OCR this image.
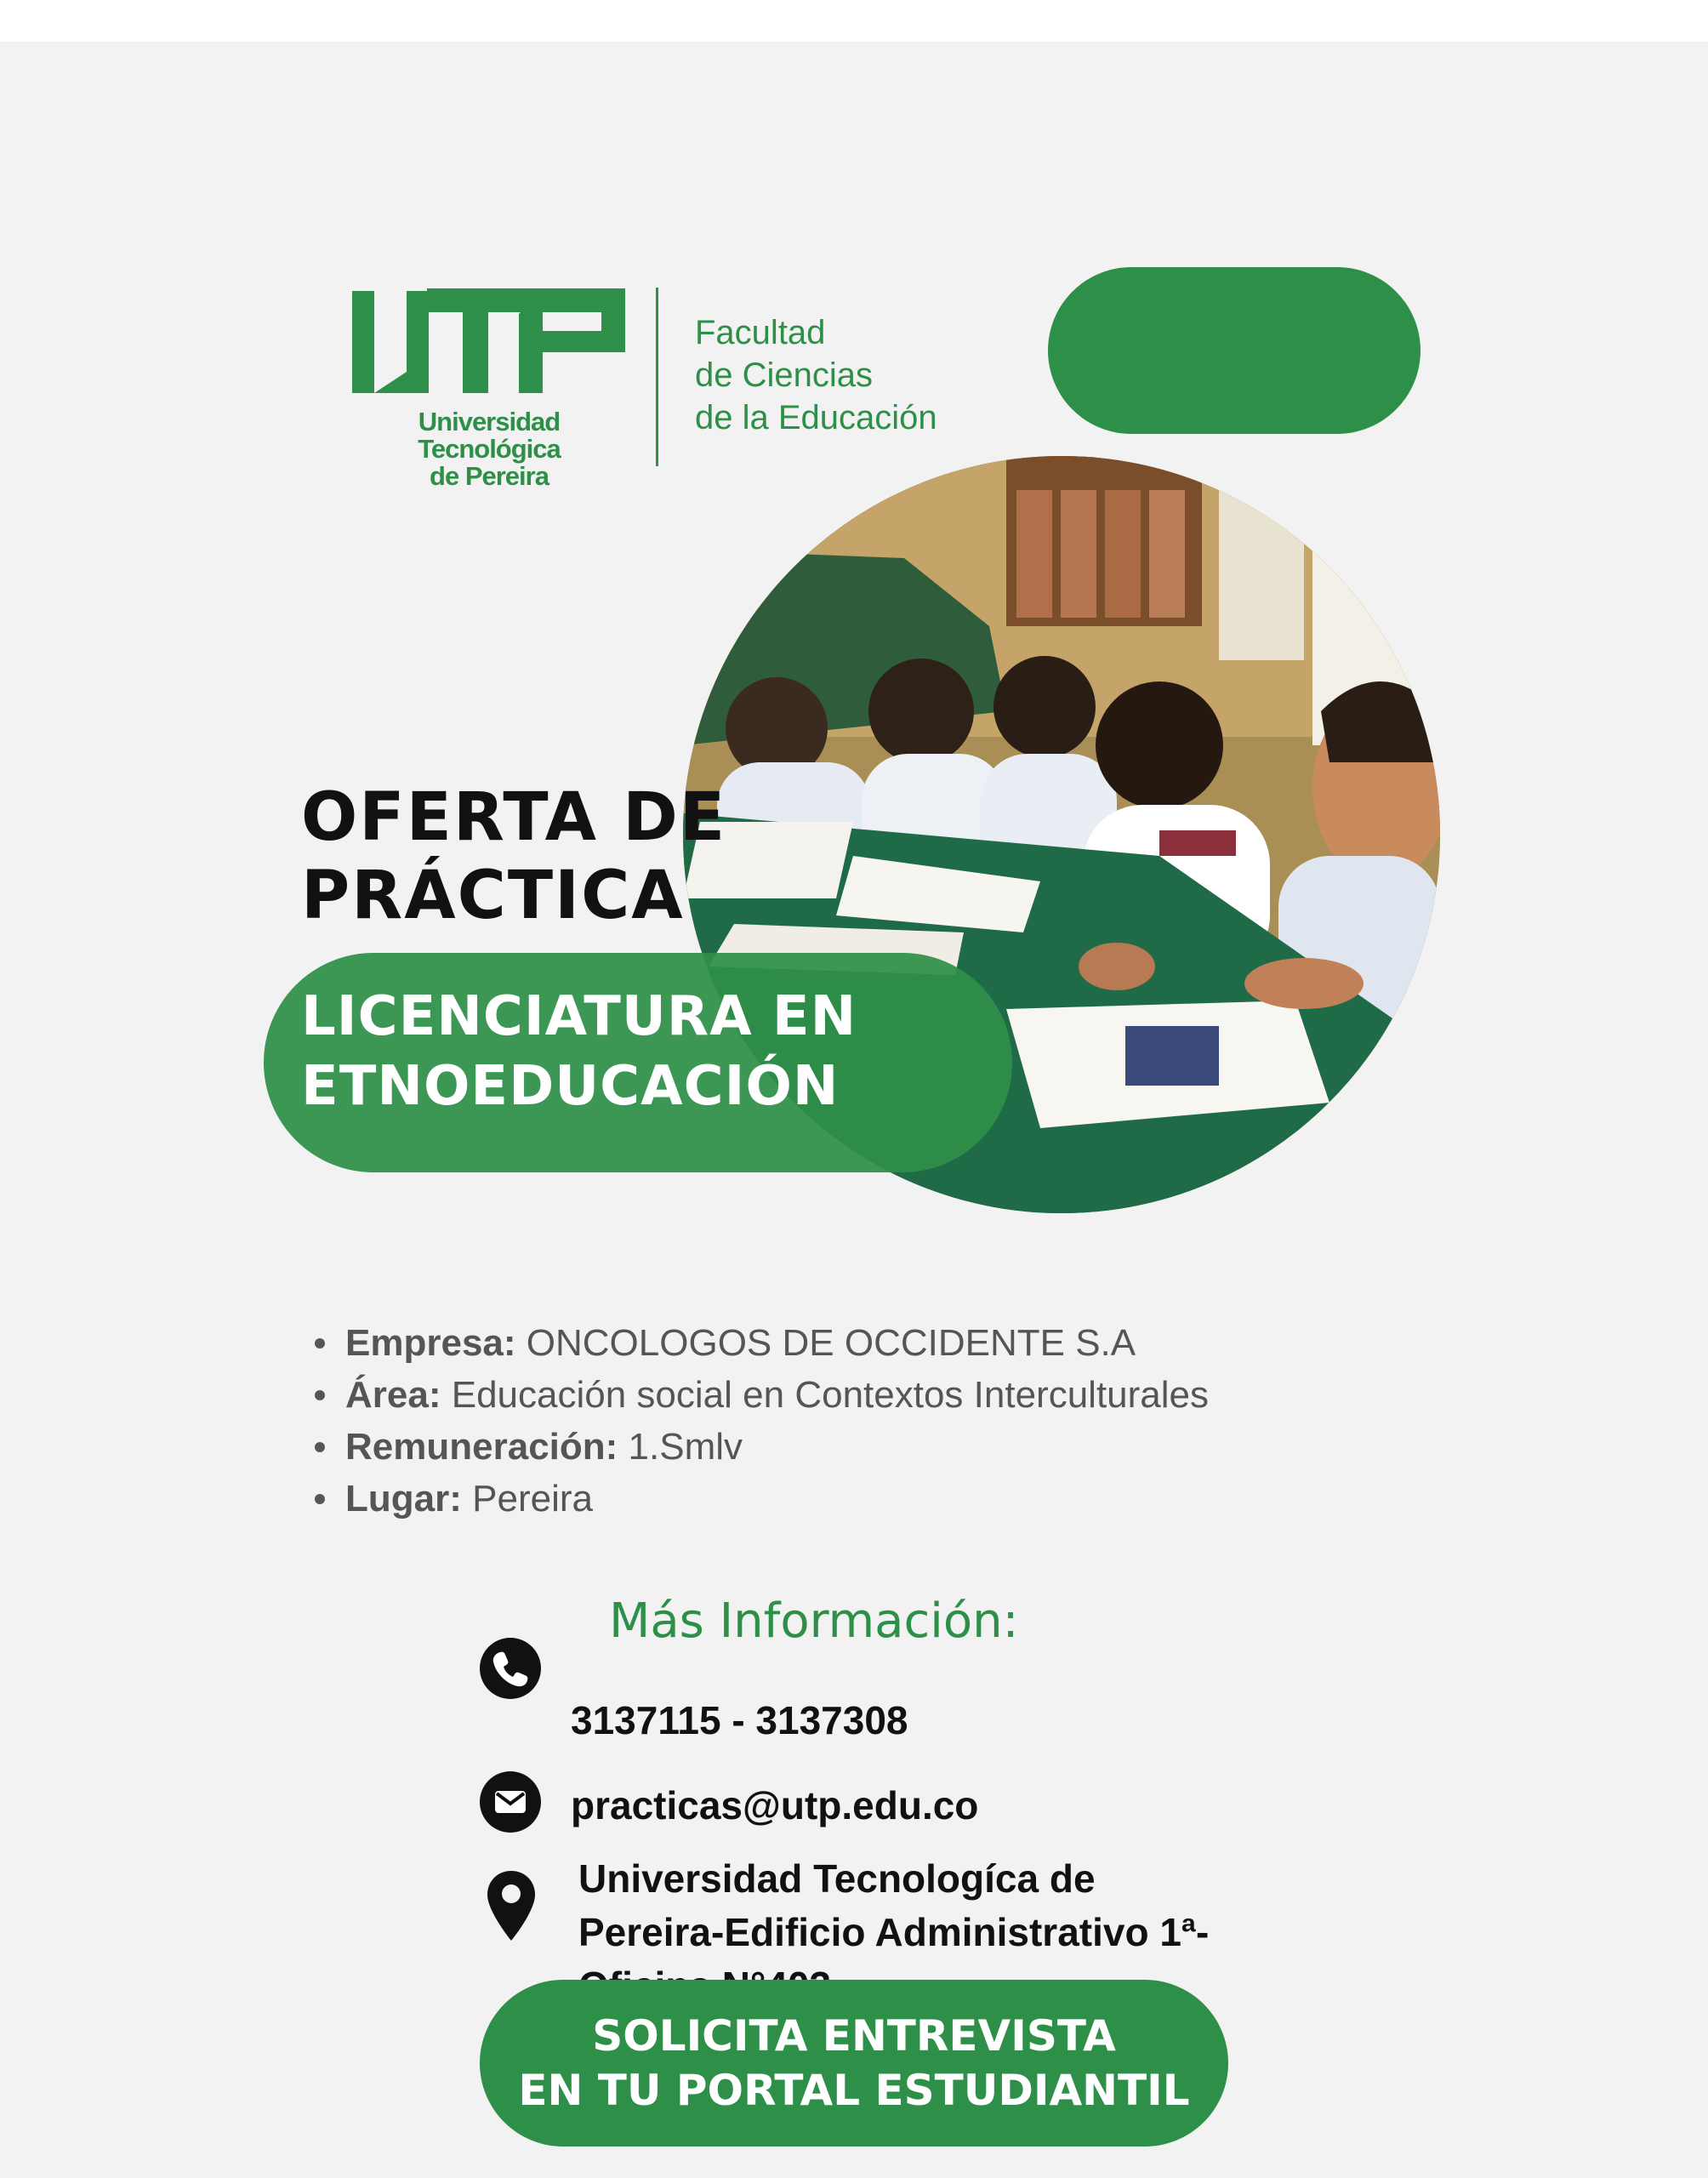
Universidad Tecnológica
de Pereira
Facultad
de Ciencias
de la Educación
OFERTA DE
PRÁCTICA
LICENCIATURA EN
ETNOEDUCACIÓN
Empresa: ONCOLOGOS DE OCCIDENTE S.A
Área: Educación social en Contextos Interculturales
Remuneración: 1.Smlv
Lugar: Pereira
Más Información:
3137115 - 3137308
practicas@utp.edu.co
Universidad Tecnologíca de
Pereira-Edificio Administrativo 1ª-
SOLICITA ENTREVISTA
EN TU PORTAL ESTUDIANTIL
